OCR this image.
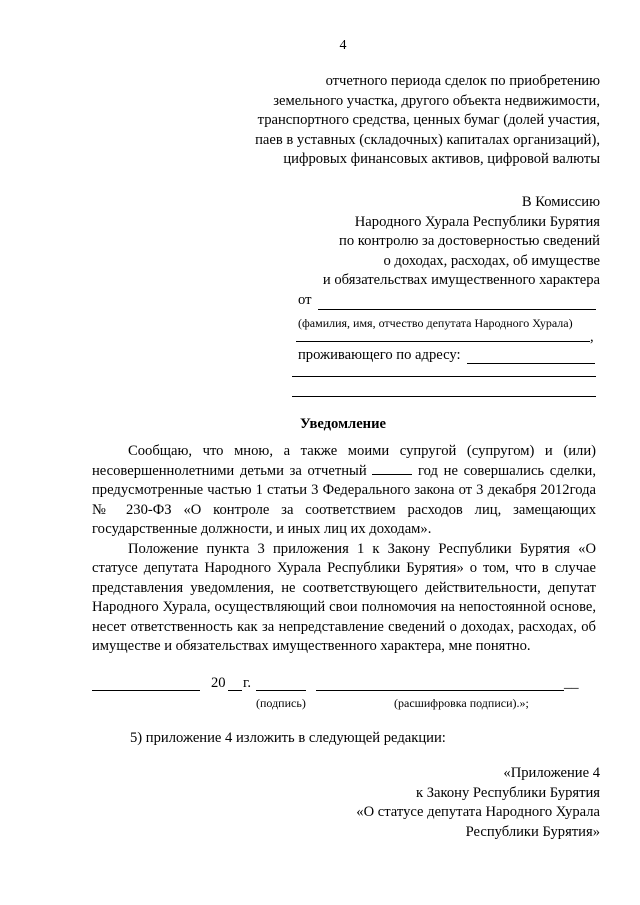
4
отчетного периода сделок по приобретению
земельного участка, другого объекта недвижимости,
транспортного средства, ценных бумаг (долей участия,
паев в уставных (складочных) капиталах организаций),
цифровых финансовых активов, цифровой валюты
В Комиссию
Народного Хурала Республики Бурятия
по контролю за достоверностью сведений
о доходах, расходах, об имуществе
и обязательствах имущественного характера
от
(фамилия, имя, отчество депутата Народного Хурала)
,
проживающего по адресу:
Уведомление

Сообщаю, что мною, а также моими супругой (супругом) и (или) несовершеннолетними детьми за отчетный	год не совершались сделки, предусмотренные частью 1 статьи 3 Федерального закона от 3 декабря 2012года № 230-ФЗ «О контроле за соответствием расходов лиц, замещающих государственные должности, и иных лиц их доходам».

Положение пункта 3 приложения 1 к Закону Республики Бурятия «О статусе депутата Народного Хурала Республики Бурятия» о том, что в случае представления уведомления, не соответствующего действительности, депутат Народного Хурала, осуществляющий свои полномочия на непостоянной основе, несет ответственность как за непредставление сведений о доходах, расходах, об имуществе и обязательствах имущественного характера, мне понятно.

20 г.	__
(подпись)	(расшифровка подписи).»;
5) приложение 4 изложить в следующей редакции:
«Приложение 4
к Закону Республики Бурятия
«О статусе депутата Народного Хурала
Республики Бурятия»
